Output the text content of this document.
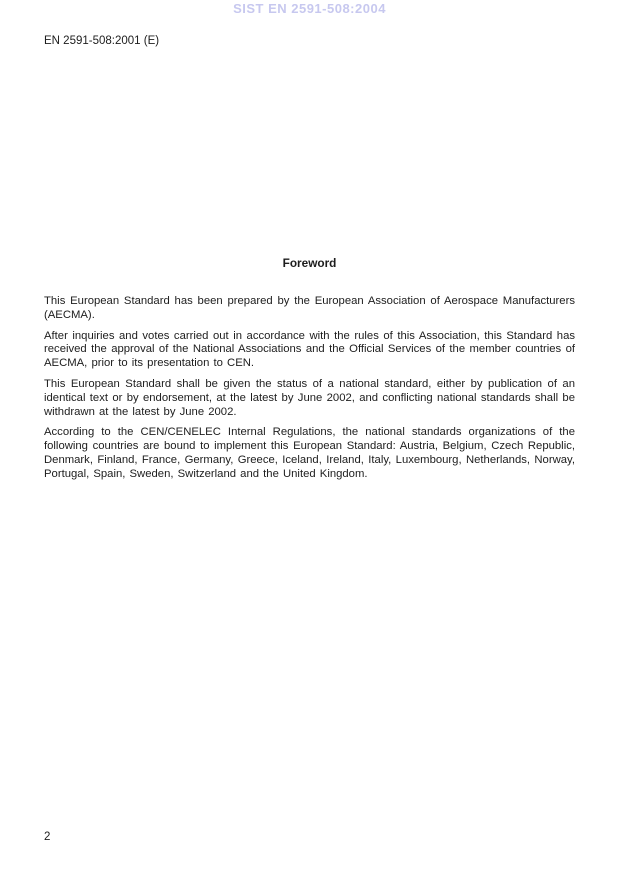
SIST EN 2591-508:2004
EN 2591-508:2001 (E)
Foreword

This European Standard has been prepared by the European Association of Aerospace Manufacturers (AECMA).

After inquiries and votes carried out in accordance with the rules of this Association, this Standard has received the approval of the National Associations and the Official Services of the member countries of AECMA, prior to its presentation to CEN.

This European Standard shall be given the status of a national standard, either by publication of an identical text or by endorsement, at the latest by June 2002, and conflicting national standards shall be withdrawn at the latest by June 2002.

According to the CEN/CENELEC Internal Regulations, the national standards organizations of the following countries are bound to implement this European Standard: Austria, Belgium, Czech Republic, Denmark, Finland, France, Germany, Greece, Iceland, Ireland, Italy, Luxembourg, Netherlands, Norway, Portugal, Spain, Sweden, Switzerland and the United Kingdom.

2
